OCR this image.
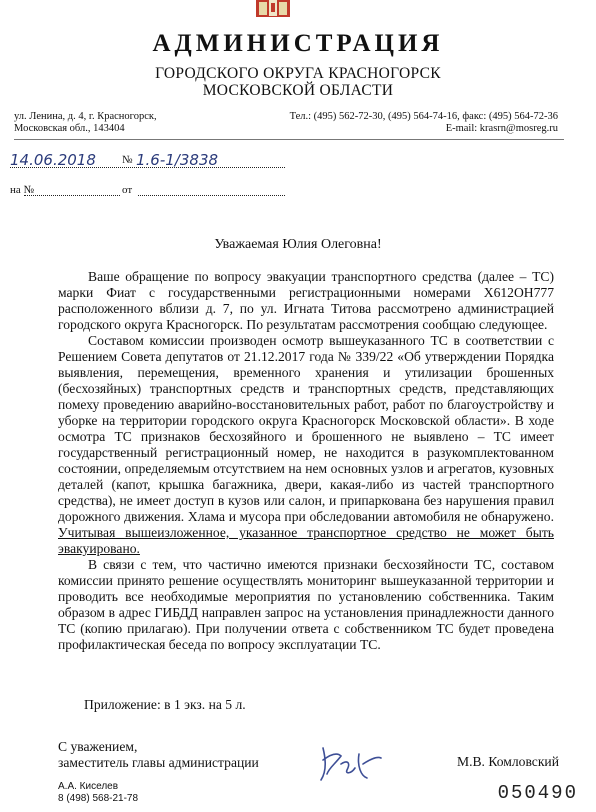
АДМИНИСТРАЦИЯ
ГОРОДСКОГО ОКРУГА КРАСНОГОРСК
МОСКОВСКОЙ ОБЛАСТИ
ул. Ленина, д. 4, г. Красногорск,
Московская обл., 143404
Тел.: (495) 562-72-30, (495) 564-74-16, факс: (495) 564-72-36
E-mail: krasrn@mosreg.ru
14.06.2018 № 1.6-1/3838
на №	от
Уважаемая Юлия Олеговна!

Ваше обращение по вопросу эвакуации транспортного средства (далее – ТС) марки Фиат с государственными регистрационными номерами Х612ОН777 расположенного вблизи д. 7, по ул. Игната Титова рассмотрено администрацией городского округа Красногорск. По результатам рассмотрения сообщаю следующее.

Составом комиссии производен осмотр вышеуказанного ТС в соответствии с Решением Совета депутатов от 21.12.2017 года № 339/22 «Об утверждении Порядка выявления, перемещения, временного хранения и утилизации брошенных (бесхозяйных) транспортных средств и транспортных средств, представляющих помеху проведению аварийно-восстановительных работ, работ по благоустройству и уборке на территории городского округа Красногорск Московской области». В ходе осмотра ТС признаков бесхозяйного и брошенного не выявлено – ТС имеет государственный регистрационный номер, не находится в разукомплектованном состоянии, определяемым отсутствием на нем основных узлов и агрегатов, кузовных деталей (капот, крышка багажника, двери, какая-либо из частей транспортного средства), не имеет доступ в кузов или салон, и припаркована без нарушения правил дорожного движения. Хлама и мусора при обследовании автомобиля не обнаружено. Учитывая вышеизложенное, указанное транспортное средство не может быть эвакуировано.

В связи с тем, что частично имеются признаки бесхозяйности ТС, составом комиссии принято решение осуществлять мониторинг вышеуказанной территории и проводить все необходимые мероприятия по установлению собственника. Таким образом в адрес ГИБДД направлен запрос на установления принадлежности данного ТС (копию прилагаю). При получении ответа с собственником ТС будет проведена профилактическая беседа по вопросу эксплуатации ТС.

Приложение: в 1 экз. на 5 л.
С уважением,
заместитель главы администрации	М.В. Комловский
А.А. Киселев
8 (498) 568-21-78	050490
